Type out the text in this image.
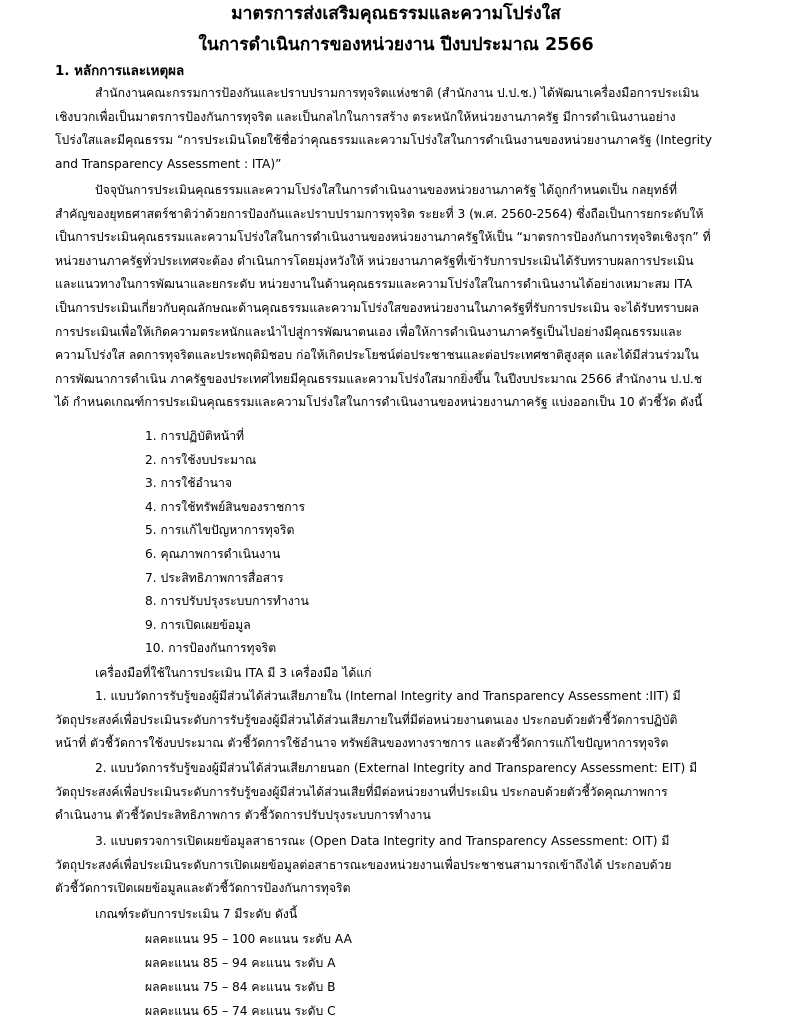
มาตรการส่งเสริมคุณธรรมและความโปร่งใส
ในการดำเนินการของหน่วยงาน ปีงบประมาณ 2566
1. หลักการและเหตุผล
สำนักงานคณะกรรมการป้องกันและปราบปรามการทุจริตแห่งชาติ (สำนักงาน ป.ป.ช.) ได้พัฒนาเครื่องมือการประเมิน
เชิงบวกเพื่อเป็นมาตรการป้องกันการทุจริต และเป็นกลไกในการสร้าง ตระหนักให้หน่วยงานภาครัฐ มีการดำเนินงานอย่าง
โปร่งใสและมีคุณธรรม “การประเมินโดยใช้ชื่อว่าคุณธรรมและความโปร่งใสในการดำเนินงานของหน่วยงานภาครัฐ (Integrity
and Transparency Assessment : ITA)”
ปัจจุบันการประเมินคุณธรรมและความโปร่งใสในการดำเนินงานของหน่วยงานภาครัฐ ได้ถูกกำหนดเป็น กลยุทธ์ที่
สำคัญของยุทธศาสตร์ชาติว่าด้วยการป้องกันและปราบปรามการทุจริต ระยะที่ 3 (พ.ศ. 2560-2564) ซึ่งถือเป็นการยกระดับให้
เป็นการประเมินคุณธรรมและความโปร่งใสในการดำเนินงานของหน่วยงานภาครัฐให้เป็น “มาตรการป้องกันการทุจริตเชิงรุก” ที่
หน่วยงานภาครัฐทั่วประเทศจะต้อง ดำเนินการโดยมุ่งหวังให้ หน่วยงานภาครัฐที่เข้ารับการประเมินได้รับทราบผลการประเมิน
และแนวทางในการพัฒนาและยกระดับ หน่วยงานในด้านคุณธรรมและความโปร่งใสในการดำเนินงานได้อย่างเหมาะสม ITA
เป็นการประเมินเกี่ยวกับคุณลักษณะด้านคุณธรรมและความโปร่งใสของหน่วยงานในภาครัฐที่รับการประเมิน จะได้รับทราบผล
การประเมินเพื่อให้เกิดความตระหนักและนำไปสู่การพัฒนาตนเอง เพื่อให้การดำเนินงานภาครัฐเป็นไปอย่างมีคุณธรรมและ
ความโปร่งใส ลดการทุจริตและประพฤติมิชอบ ก่อให้เกิดประโยชน์ต่อประชาชนและต่อประเทศชาติสูงสุด และได้มีส่วนร่วมใน
การพัฒนาการดำเนิน ภาครัฐของประเทศไทยมีคุณธรรมและความโปร่งใสมากยิ่งขึ้น ในปีงบประมาณ 2566 สำนักงาน ป.ป.ช
ได้ กำหนดเกณฑ์การประเมินคุณธรรมและความโปร่งใสในการดำเนินงานของหน่วยงานภาครัฐ แบ่งออกเป็น 10 ตัวชี้วัด ดังนี้
1. การปฏิบัติหน้าที่
2. การใช้งบประมาณ
3. การใช้อำนาจ
4. การใช้ทรัพย์สินของราชการ
5. การแก้ไขปัญหาการทุจริต
6. คุณภาพการดำเนินงาน
7. ประสิทธิภาพการสื่อสาร
8. การปรับปรุงระบบการทำงาน
9. การเปิดเผยข้อมูล
10. การป้องกันการทุจริต
เครื่องมือที่ใช้ในการประเมิน ITA มี 3 เครื่องมือ ได้แก่
1. แบบวัดการรับรู้ของผู้มีส่วนได้ส่วนเสียภายใน (Internal Integrity and Transparency Assessment :IIT) มี
วัตถุประสงค์เพื่อประเมินระดับการรับรู้ของผู้มีส่วนได้ส่วนเสียภายในที่มีต่อหน่วยงานตนเอง ประกอบด้วยตัวชี้วัดการปฏิบัติ
หน้าที่ ตัวชี้วัดการใช้งบประมาณ ตัวชี้วัดการใช้อำนาจ ทรัพย์สินของทางราชการ และตัวชี้วัดการแก้ไขปัญหาการทุจริต
2. แบบวัดการรับรู้ของผู้มีส่วนได้ส่วนเสียภายนอก (External Integrity and Transparency Assessment: EIT) มี
วัตถุประสงค์เพื่อประเมินระดับการรับรู้ของผู้มีส่วนได้ส่วนเสียที่มีต่อหน่วยงานที่ประเมิน ประกอบด้วยตัวชี้วัดคุณภาพการ
ดำเนินงาน ตัวชี้วัดประสิทธิภาพการ ตัวชี้วัดการปรับปรุงระบบการทำงาน
3. แบบตรวจการเปิดเผยข้อมูลสาธารณะ (Open Data Integrity and Transparency Assessment: OIT) มี
วัตถุประสงค์เพื่อประเมินระดับการเปิดเผยข้อมูลต่อสาธารณะของหน่วยงานเพื่อประชาชนสามารถเข้าถึงได้ ประกอบด้วย
ตัวชี้วัดการเปิดเผยข้อมูลและตัวชี้วัดการป้องกันการทุจริต
เกณฑ์ระดับการประเมิน 7 มีระดับ ดังนี้
ผลคะแนน 95 – 100 คะแนน ระดับ AA
ผลคะแนน 85 – 94 คะแนน ระดับ A
ผลคะแนน 75 – 84 คะแนน ระดับ B
ผลคะแนน 65 – 74 คะแนน ระดับ C
